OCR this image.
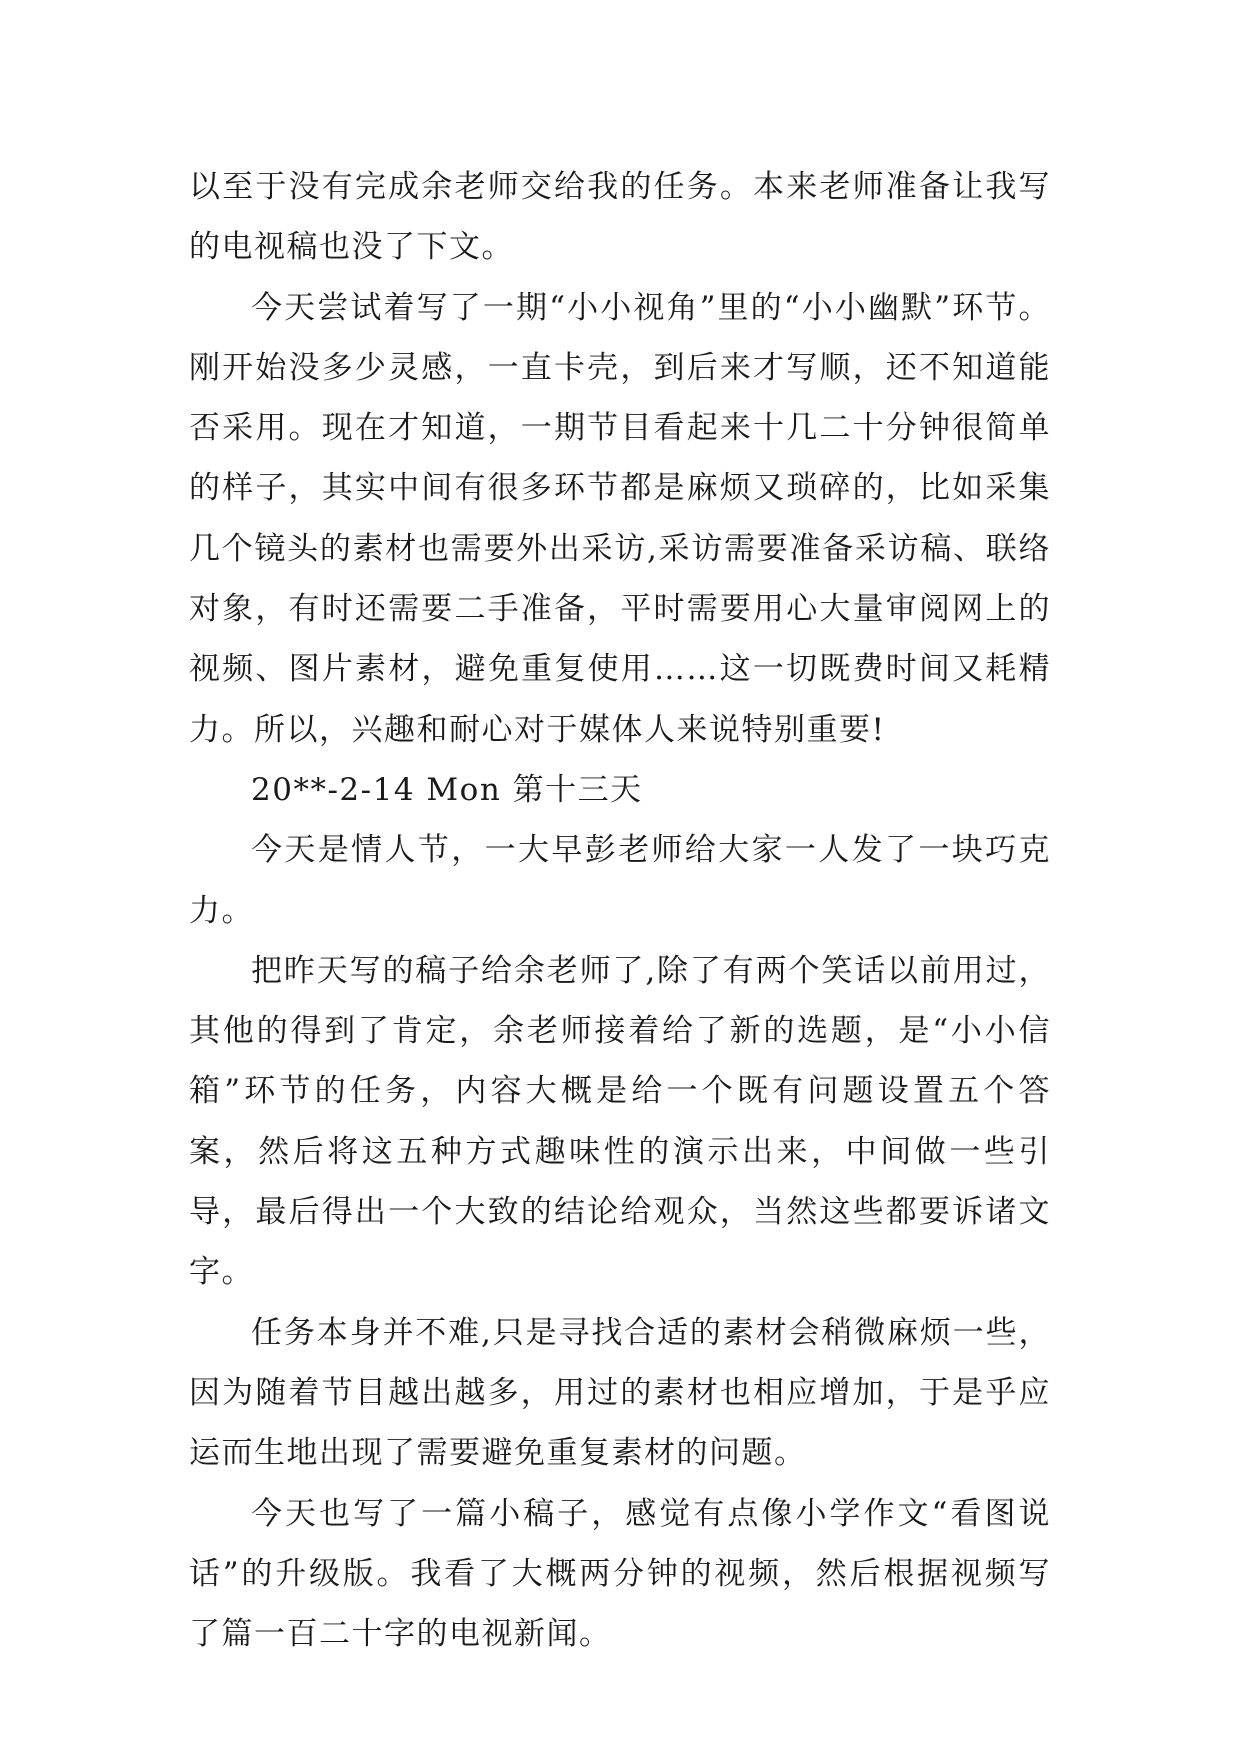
以至于没有完成余老师交给我的任务。本来老师准备让我写的电视稿也没了下文。

今天尝试着写了一期“小小视角”里的“小小幽默”环节。刚开始没多少灵感，一直卡壳，到后来才写顺，还不知道能否采用。现在才知道，一期节目看起来十几二十分钟很简单的样子，其实中间有很多环节都是麻烦又琐碎的，比如采集几个镜头的素材也需要外出采访,采访需要准备采访稿、联络对象，有时还需要二手准备，平时需要用心大量审阅网上的视频、图片素材，避免重复使用……这一切既费时间又耗精力。所以，兴趣和耐心对于媒体人来说特别重要!

20**-2-14 Mon 第十三天

今天是情人节，一大早彭老师给大家一人发了一块巧克力。

把昨天写的稿子给余老师了,除了有两个笑话以前用过，其他的得到了肯定，余老师接着给了新的选题，是“小小信箱”环节的任务，内容大概是给一个既有问题设置五个答案，然后将这五种方式趣味性的演示出来，中间做一些引导，最后得出一个大致的结论给观众，当然这些都要诉诸文字。

任务本身并不难,只是寻找合适的素材会稍微麻烦一些，因为随着节目越出越多，用过的素材也相应增加，于是乎应运而生地出现了需要避免重复素材的问题。

今天也写了一篇小稿子，感觉有点像小学作文“看图说话”的升级版。我看了大概两分钟的视频，然后根据视频写了篇一百二十字的电视新闻。
